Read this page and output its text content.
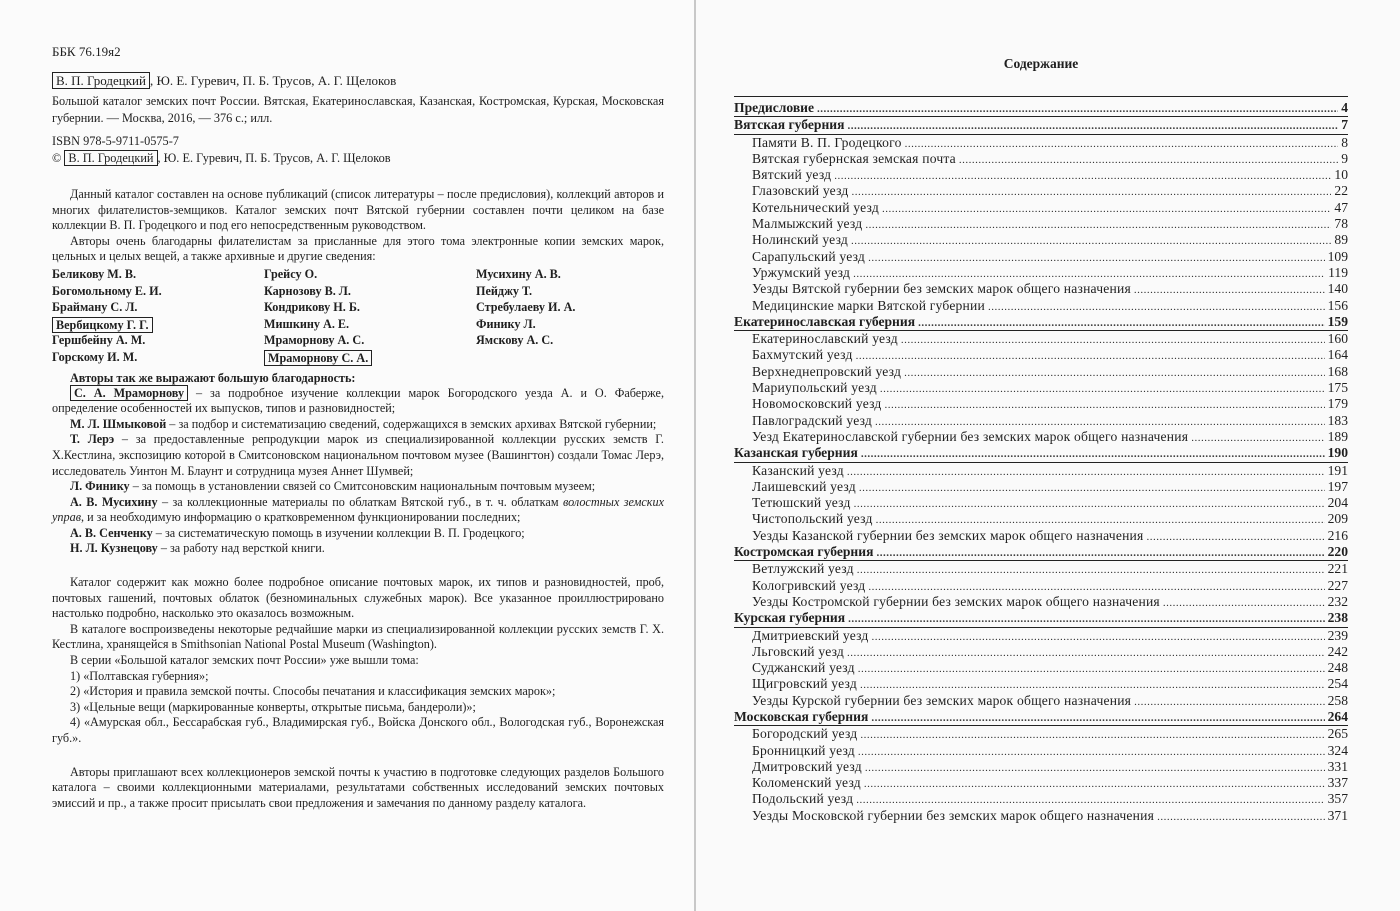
ББК 76.19я2
В. П. Гродецкий , Ю. Е. Гуревич, П. Б. Трусов, А. Г. Щелоков
Большой каталог земских почт России. Вятская, Екатеринославская, Казанская, Костромская, Курская, Московская губернии. — Москва, 2016, — 376 с.; илл.
ISBN 978-5-9711-0575-7
© В. П. Гродецкий , Ю. Е. Гуревич, П. Б. Трусов, А. Г. Щелоков

Данный каталог составлен на основе публикаций (список литературы – после предисловия), коллекций авторов и многих филателистов-земщиков. Каталог земских почт Вятской губернии составлен почти целиком на базе коллекции В. П. Гродецкого и под его непосредственным руководством.

Авторы очень благодарны филателистам за присланные для этого тома электронные копии земских марок, цельных и целых вещей, а также архивные и другие сведения:

Беликову М. В.	Грейсу О.	Мусихину А. В.
Богомольному Е. И.	Карнозову В. Л.	Пейджу Т.
Брайману С. Л.	Кондрикову Н. Б.	Стребулаеву И. А.
Вербицкому Г. Г.	Мишкину А. Е.	Финику Л.
Гершбейну А. М.	Мраморнову А. С.	Ямскову А. С.
Горскому И. М.	Мраморнову С. А.
Авторы так же выражают большую благодарность:

С. А. Мраморнову – за подробное изучение коллекции марок Богородского уезда А. и О. Фаберже, определение особенностей их выпусков, типов и разновидностей;

М. Л. Шмыковой – за подбор и систематизацию сведений, содержащихся в земских архивах Вятской губернии;

Т. Лерэ – за предоставленные репродукции марок из специализированной коллекции русских земств Г. Х.Кестлина, экспозицию которой в Смитсоновском национальном почтовом музее (Вашингтон) создали Томас Лерэ, исследователь Уинтон М. Блаунт и сотрудница музея Аннет Шумвей;

Л. Финику – за помощь в установлении связей со Смитсоновским национальным почтовым музеем;

А. В. Мусихину – за коллекционные материалы по облаткам Вятской губ., в т. ч. облаткам волостных земских управ, и за необходимую информацию о кратковременном функционировании последних;

А. В. Сенченку – за систематическую помощь в изучении коллекции В. П. Гродецкого;

Н. Л. Кузнецову – за работу над версткой книги.

Каталог содержит как можно более подробное описание почтовых марок, их типов и разновидностей, проб, почтовых гашений, почтовых облаток (безноминальных служебных марок). Все указанное проиллюстрировано настолько подробно, насколько это оказалось возможным.

В каталоге воспроизведены некоторые редчайшие марки из специализированной коллекции русских земств Г. Х. Кестлина, хранящейся в Smithsonian National Postal Museum (Washington).

В серии «Большой каталог земских почт России» уже вышли тома:

1) «Полтавская губерния»;

2) «История и правила земской почты. Способы печатания и классификация земских марок»;

3) «Цельные вещи (маркированные конверты, открытые письма, бандероли)»;

4) «Амурская обл., Бессарабская губ., Владимирская губ., Войска Донского обл., Вологодская губ., Воронежская губ.».

Авторы приглашают всех коллекционеров земской почты к участию в подготовке следующих разделов Большого каталога – своими коллекционными материалами, результатами собственных исследований земских почтовых эмиссий и пр., а также просит присылать свои предложения и замечания по данному разделу каталога.

Содержание
Предисловие .....	4
Вятская губерния .....	7
Памяти В. П. Гродецкого .....	8
Вятская губернская земская почта .....	9
Вятский уезд .....	10
Глазовский уезд .....	22
Котельнический уезд .....	47
Малмыжский уезд .....	78
Нолинский уезд .....	89
Сарапульский уезд .....	109
Уржумский уезд .....	119
Уезды Вятской губернии без земских марок общего назначения .....	140
Медицинские марки Вятской губернии .....	156
Екатеринославская губерния .....	159
Екатеринославский уезд .....	160
Бахмутский уезд .....	164
Верхнеднепровский уезд .....	168
Мариупольский уезд .....	175
Новомосковский уезд .....	179
Павлоградский уезд .....	183
Уезд Екатеринославской губернии без земских марок общего назначения .....	189
Казанская губерния .....	190
Казанский уезд .....	191
Лаишевский уезд .....	197
Тетюшский уезд .....	204
Чистопольский уезд .....	209
Уезды Казанской губернии без земских марок общего назначения .....	216
Костромская губерния .....	220
Ветлужский уезд .....	221
Кологривский уезд .....	227
Уезды Костромской губернии без земских марок общего назначения .....	232
Курская губерния .....	238
Дмитриевский уезд .....	239
Льговский уезд .....	242
Суджанский уезд .....	248
Щигровский уезд .....	254
Уезды Курской губернии без земских марок общего назначения .....	258
Московская губерния .....	264
Богородский уезд .....	265
Бронницкий уезд .....	324
Дмитровский уезд .....	331
Коломенский уезд .....	337
Подольский уезд .....	357
Уезды Московской губернии без земских марок общего назначения .....	371
